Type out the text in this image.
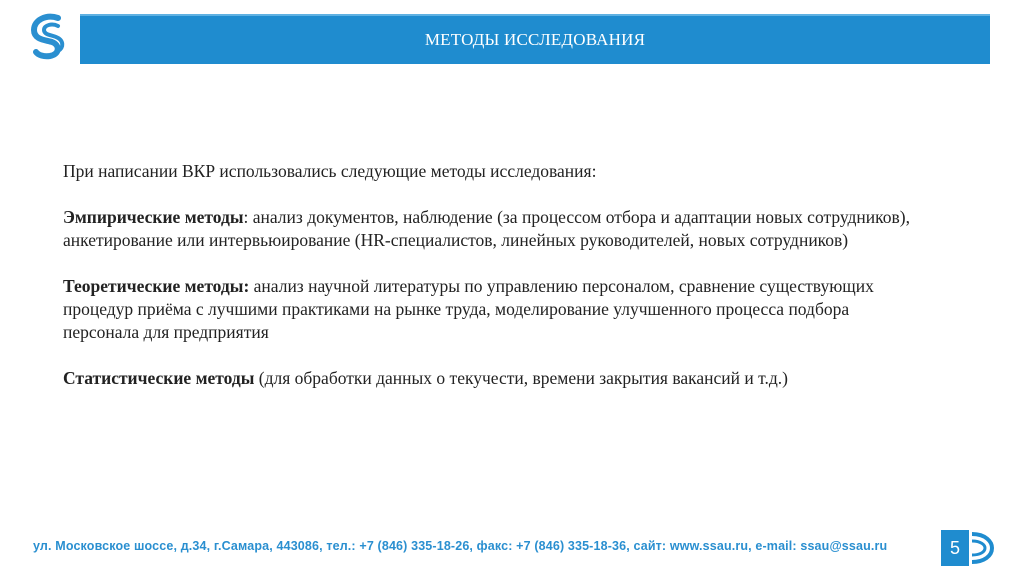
МЕТОДЫ ИССЛЕДОВАНИЯ

При написании ВКР использовались следующие методы исследования:

Эмпирические методы: анализ документов, наблюдение (за процессом отбора и адаптации новых сотрудников),

анкетирование или интервьюирование (HR-специалистов, линейных руководителей, новых сотрудников)

Теоретические методы: анализ научной литературы по управлению персоналом, сравнение существующих

процедур приёма с лучшими практиками на рынке труда, моделирование улучшенного процесса подбора

персонала для предприятия

Статистические методы (для обработки данных о текучести, времени закрытия вакансий и т.д.)

ул. Московское шоссе, д.34, г.Самара, 443086, тел.: +7 (846) 335-18-26, факс: +7 (846) 335-18-36, сайт: www.ssau.ru, e-mail: ssau@ssau.ru	5
